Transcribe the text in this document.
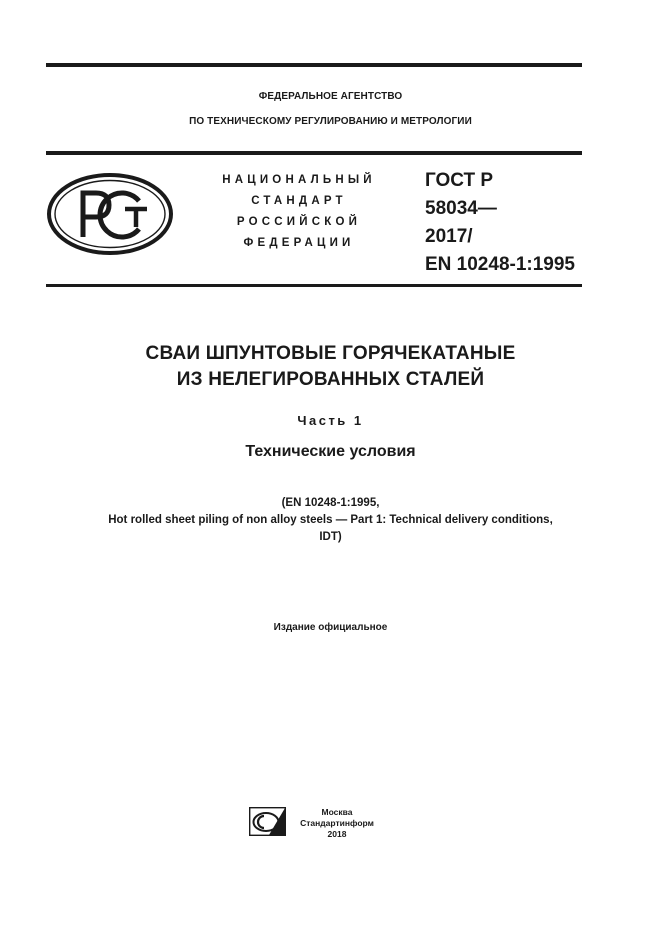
ФЕДЕРАЛЬНОЕ АГЕНТСТВО
ПО ТЕХНИЧЕСКОМУ РЕГУЛИРОВАНИЮ И МЕТРОЛОГИИ
НАЦИОНАЛЬНЫЙ
СТАНДАРТ
РОССИЙСКОЙ
ФЕДЕРАЦИИ
ГОСТ Р
58034—
2017/
EN 10248-1:1995
СВАИ ШПУНТОВЫЕ ГОРЯЧЕКАТАНЫЕ
ИЗ НЕЛЕГИРОВАННЫХ СТАЛЕЙ
Часть 1
Технические условия
(EN 10248-1:1995,
Hot rolled sheet piling of non alloy steels — Part 1: Technical delivery conditions,
IDT)
Издание официальное
Москва
Стандартинформ
2018
